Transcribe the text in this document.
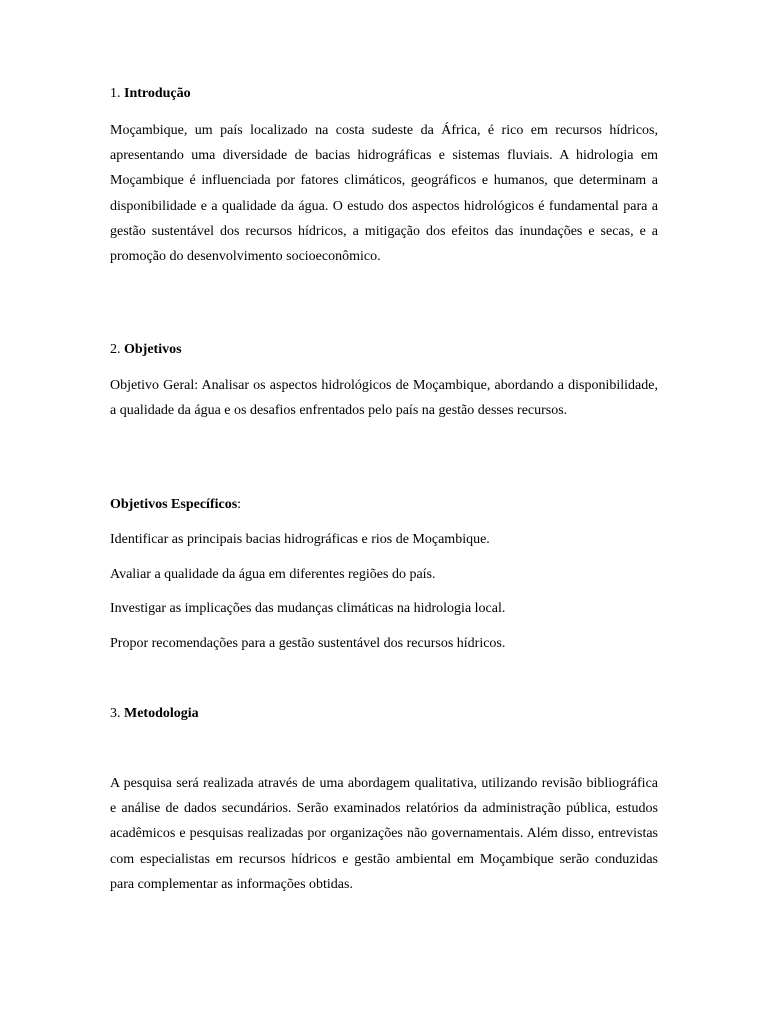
1. Introdução

Moçambique, um país localizado na costa sudeste da África, é rico em recursos hídricos, apresentando uma diversidade de bacias hidrográficas e sistemas fluviais. A hidrologia em Moçambique é influenciada por fatores climáticos, geográficos e humanos, que determinam a disponibilidade e a qualidade da água. O estudo dos aspectos hidrológicos é fundamental para a gestão sustentável dos recursos hídricos, a mitigação dos efeitos das inundações e secas, e a promoção do desenvolvimento socioeconômico.

2. Objetivos

Objetivo Geral: Analisar os aspectos hidrológicos de Moçambique, abordando a disponibilidade, a qualidade da água e os desafios enfrentados pelo país na gestão desses recursos.

Objetivos Específicos:

Identificar as principais bacias hidrográficas e rios de Moçambique.

Avaliar a qualidade da água em diferentes regiões do país.

Investigar as implicações das mudanças climáticas na hidrologia local.

Propor recomendações para a gestão sustentável dos recursos hídricos.

3. Metodologia

A pesquisa será realizada através de uma abordagem qualitativa, utilizando revisão bibliográfica e análise de dados secundários. Serão examinados relatórios da administração pública, estudos acadêmicos e pesquisas realizadas por organizações não governamentais. Além disso, entrevistas com especialistas em recursos hídricos e gestão ambiental em Moçambique serão conduzidas para complementar as informações obtidas.
